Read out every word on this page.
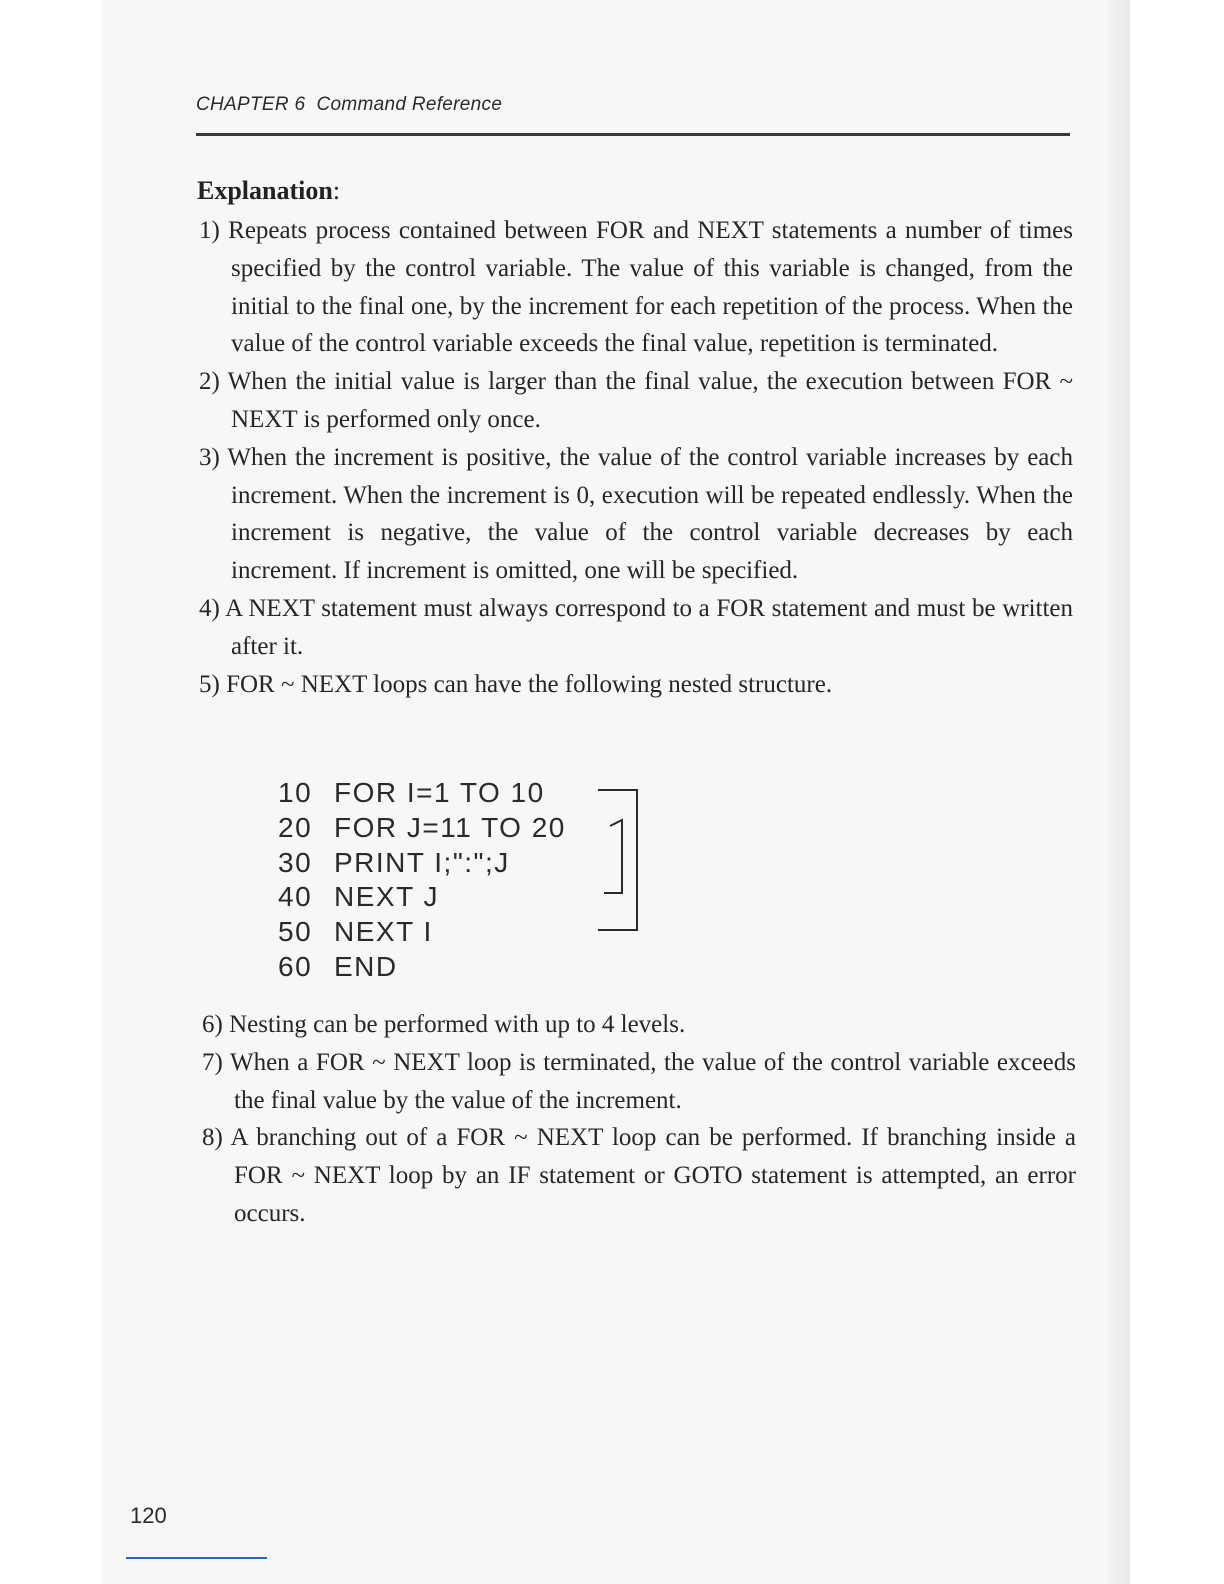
CHAPTER 6 Command Reference
Explanation:

1) Repeats process contained between FOR and NEXT statements a number of times specified by the control variable. The value of this variable is changed, from the initial to the final one, by the increment for each repetition of the process. When the value of the control variable exceeds the final value, repetition is terminated.

2) When the initial value is larger than the final value, the execution between FOR ~ NEXT is performed only once.

3) When the increment is positive, the value of the control variable increases by each increment. When the increment is 0, execution will be repeated endlessly. When the increment is negative, the value of the control variable decreases by each increment. If increment is omitted, one will be specified.

4) A NEXT statement must always correspond to a FOR statement and must be written after it.

5) FOR ~ NEXT loops can have the following nested structure.

10 FOR I=1 TO 10
20 FOR J=11 TO 20
30 PRINT I;":";J
40 NEXT J
50 NEXT I
60 END

6) Nesting can be performed with up to 4 levels.

7) When a FOR ~ NEXT loop is terminated, the value of the control variable exceeds the final value by the value of the increment.

8) A branching out of a FOR ~ NEXT loop can be performed. If branching inside a FOR ~ NEXT loop by an IF statement or GOTO statement is attempted, an error occurs.

120
